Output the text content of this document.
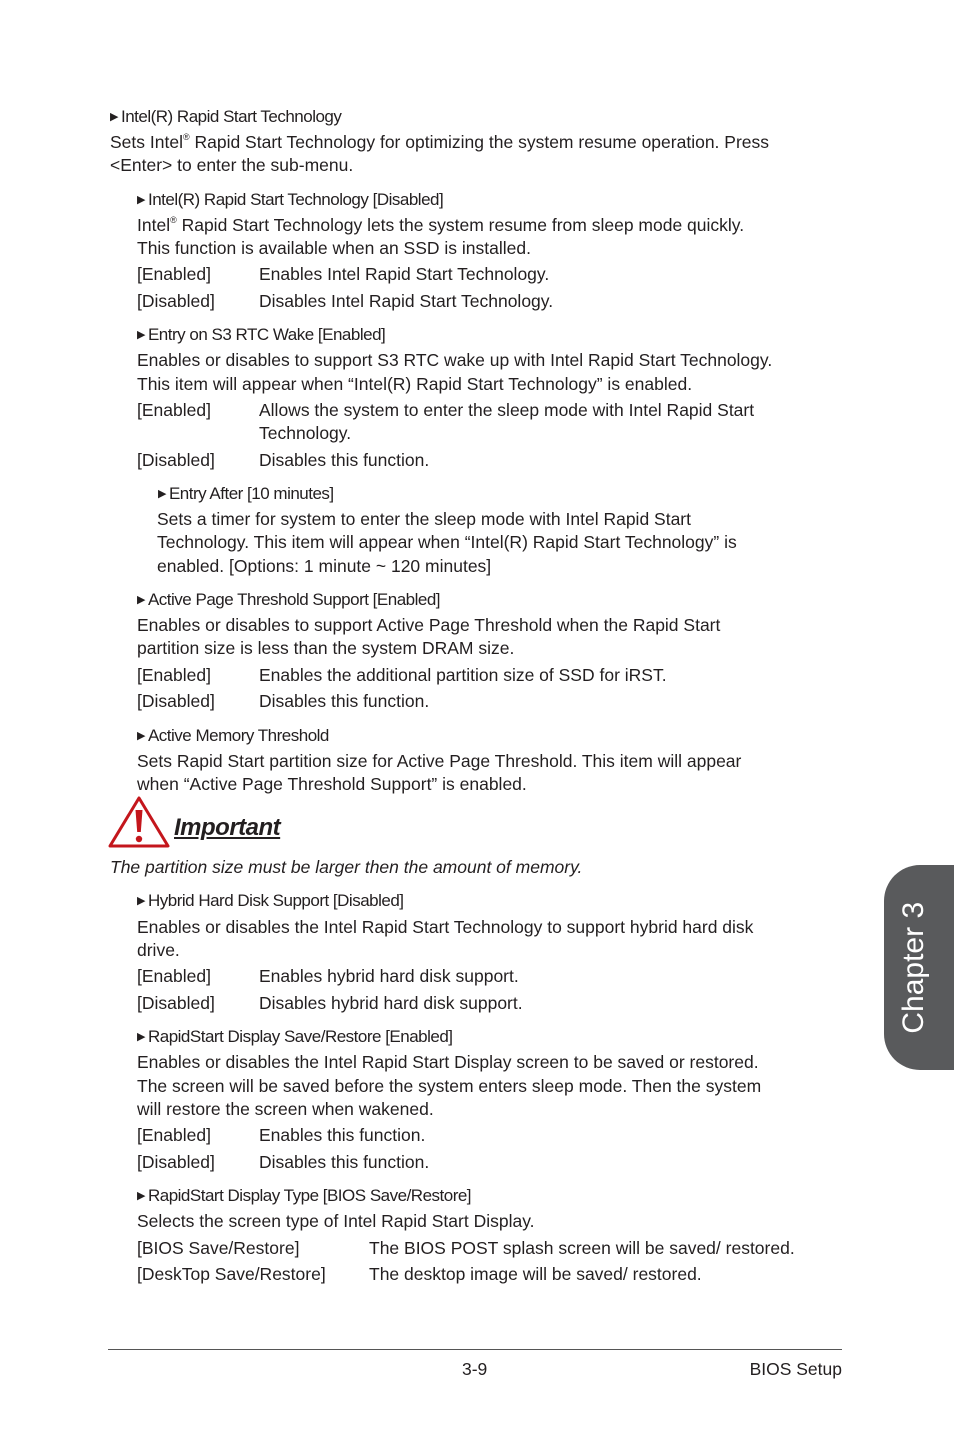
▶ Intel(R) Rapid Start Technology
Sets Intel® Rapid Start Technology for optimizing the system resume operation. Press
<Enter> to enter the sub-menu.
▶ Intel(R) Rapid Start Technology [Disabled]
Intel® Rapid Start Technology lets the system resume from sleep mode quickly.
This function is available when an SSD is installed.
[Enabled]	Enables Intel Rapid Start Technology.
[Disabled]	Disables Intel Rapid Start Technology.
▶ Entry on S3 RTC Wake [Enabled]
Enables or disables to support S3 RTC wake up with Intel Rapid Start Technology.
This item will appear when “Intel(R) Rapid Start Technology” is enabled.
[Enabled]	Allows the system to enter the sleep mode with Intel Rapid Start
Technology.
[Disabled]	Disables this function.
▶ Entry After [10 minutes]
Sets a timer for system to enter the sleep mode with Intel Rapid Start
Technology. This item will appear when “Intel(R) Rapid Start Technology” is
enabled. [Options: 1 minute ~ 120 minutes]
▶ Active Page Threshold Support [Enabled]
Enables or disables to support Active Page Threshold when the Rapid Start
partition size is less than the system DRAM size.
[Enabled]	Enables the additional partition size of SSD for iRST.
[Disabled]	Disables this function.
▶ Active Memory Threshold
Sets Rapid Start partition size for Active Page Threshold. This item will appear
when “Active Page Threshold Support” is enabled.
Important
The partition size must be larger then the amount of memory.
▶ Hybrid Hard Disk Support [Disabled]
Enables or disables the Intel Rapid Start Technology to support hybrid hard disk
drive.
[Enabled]	Enables hybrid hard disk support.
[Disabled]	Disables hybrid hard disk support.
▶ RapidStart Display Save/Restore [Enabled]
Enables or disables the Intel Rapid Start Display screen to be saved or restored.
The screen will be saved before the system enters sleep mode. Then the system
will restore the screen when wakened.
[Enabled]	Enables this function.
[Disabled]	Disables this function.
▶ RapidStart Display Type [BIOS Save/Restore]
Selects the screen type of Intel Rapid Start Display.
[BIOS Save/Restore]	The BIOS POST splash screen will be saved/ restored.
[DeskTop Save/Restore] The desktop image will be saved/ restored.
3-9	BIOS Setup
Chapter 3
